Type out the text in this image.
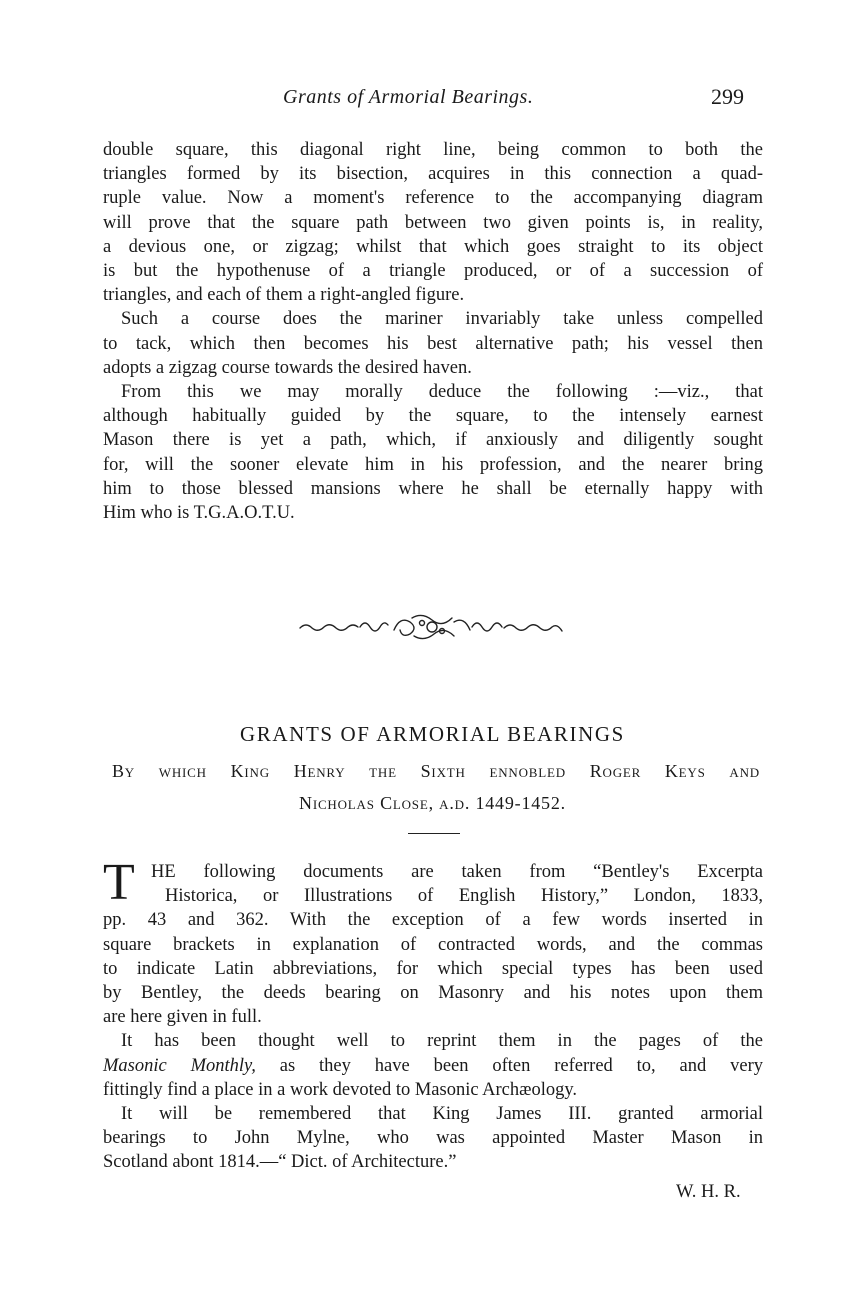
Grants of Armorial Bearings.	299
double square, this diagonal right line, being common to both the
triangles formed by its bisection, acquires in this connection a quad-
ruple value. Now a moment's reference to the accompanying diagram
will prove that the square path between two given points is, in reality,
a devious one, or zigzag; whilst that which goes straight to its object
is but the hypothenuse of a triangle produced, or of a succession of
triangles, and each of them a right-angled figure.
Such a course does the mariner invariably take unless compelled
to tack, which then becomes his best alternative path; his vessel then
adopts a zigzag course towards the desired haven.
From this we may morally deduce the following :—viz., that
although habitually guided by the square, to the intensely earnest
Mason there is yet a path, which, if anxiously and diligently sought
for, will the sooner elevate him in his profession, and the nearer bring
him to those blessed mansions where he shall be eternally happy with
Him who is T.G.A.O.T.U.
GRANTS OF ARMORIAL BEARINGS
By which King Henry the Sixth ennobled Roger Keys and
Nicholas Close, a.d. 1449-1452.
T HE following documents are taken from “Bentley's Excerpta
Historica, or Illustrations of English History,” London, 1833,
pp. 43 and 362. With the exception of a few words inserted in
square brackets in explanation of contracted words, and the commas
to indicate Latin abbreviations, for which special types has been used
by Bentley, the deeds bearing on Masonry and his notes upon them
are here given in full.
It has been thought well to reprint them in the pages of the
Masonic Monthly, as they have been often referred to, and very
fittingly find a place in a work devoted to Masonic Archæology.
It will be remembered that King James III. granted armorial
bearings to John Mylne, who was appointed Master Mason in
Scotland abont 1814.—“ Dict. of Architecture.”
W. H. R.
